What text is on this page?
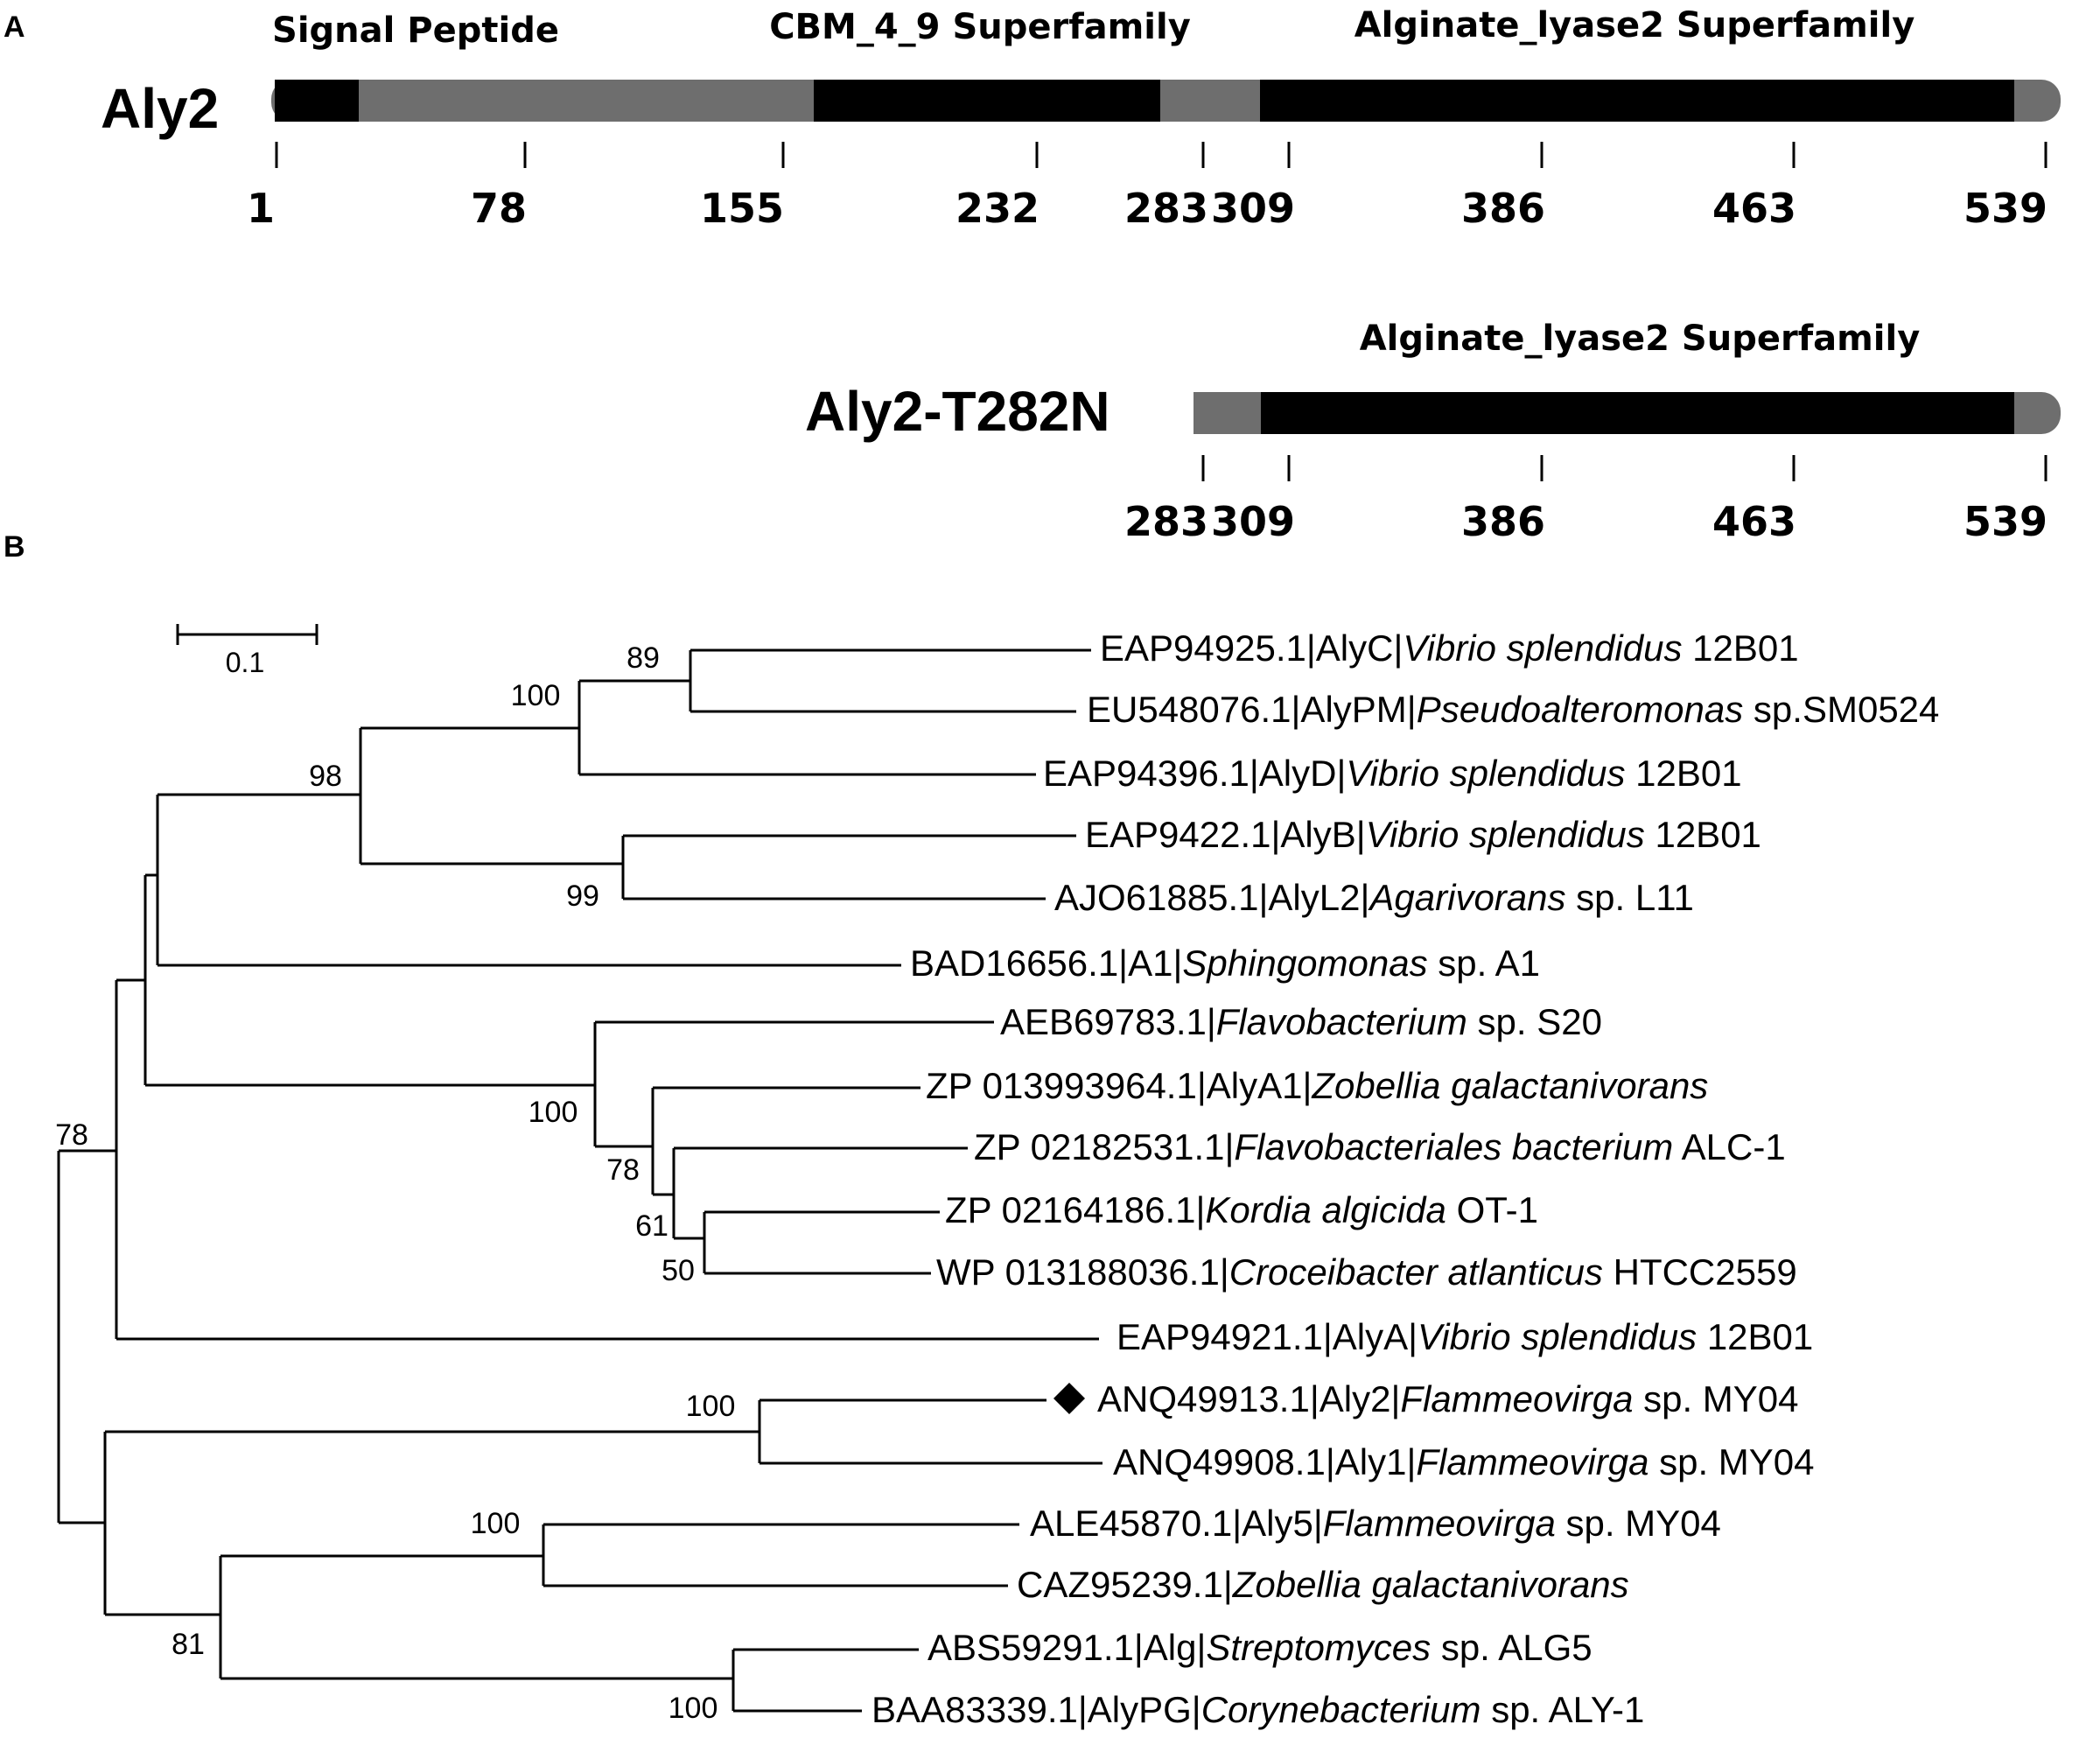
A
Aly2
Signal Peptide	CBM_4_9 Superfamily	Alginate_lyase2 Superfamily
1	78	155	232 283 309	386	463	539
Aly2-T282N
Alginate_lyase2 Superfamily
283 309	386	463	539
B
0.1	89
100
98
99
100
78
61
50
78
100
100
81
100
EAP94925.1|AlyC|Vibrio splendidus 12B01
EU548076.1|AlyPM|Pseudoalteromonas sp.SM0524
EAP94396.1|AlyD|Vibrio splendidus 12B01
EAP9422.1|AlyB|Vibrio splendidus 12B01
AJO61885.1|AlyL2|Agarivorans sp. L11
BAD16656.1|A1|Sphingomonas sp. A1
AEB69783.1|Flavobacterium sp. S20
ZP 013993964.1|AlyA1|Zobellia galactanivorans
ZP 02182531.1|Flavobacteriales bacterium ALC-1
ZP 02164186.1|Kordia algicida OT-1
WP 013188036.1|Croceibacter atlanticus HTCC2559
EAP94921.1|AlyA|Vibrio splendidus 12B01
ANQ49913.1|Aly2|Flammeovirga sp. MY04
ANQ49908.1|Aly1|Flammeovirga sp. MY04
ALE45870.1|Aly5|Flammeovirga sp. MY04
CAZ95239.1|Zobellia galactanivorans
ABS59291.1|Alg|Streptomyces sp. ALG5
BAA83339.1|AlyPG|Corynebacterium sp. ALY-1
